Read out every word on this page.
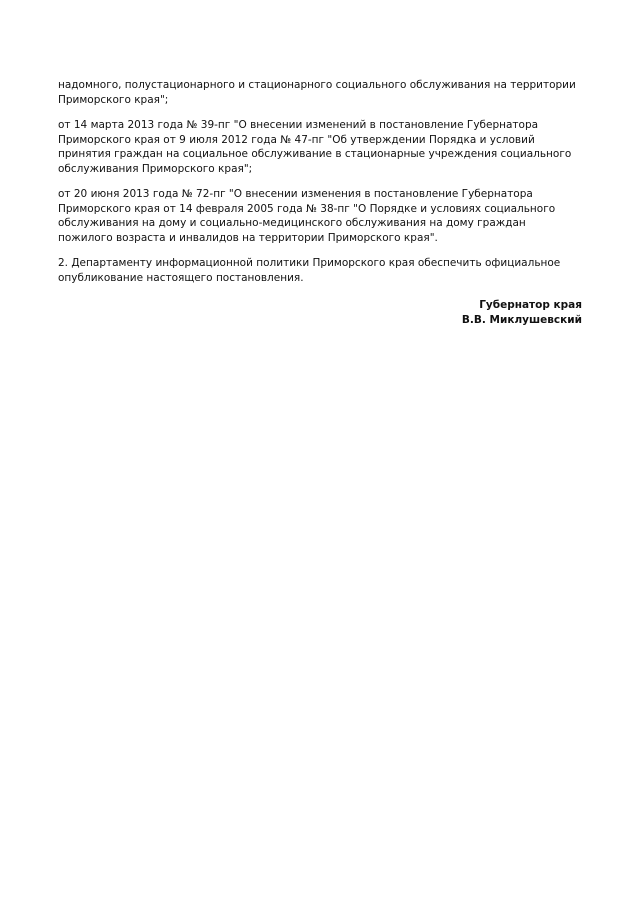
надомного, полустационарного и стационарного социального обслуживания на территории
Приморского края";

от 14 марта 2013 года № 39-пг "О внесении изменений в постановление Губернатора
Приморского края от 9 июля 2012 года № 47-пг "Об утверждении Порядка и условий
принятия граждан на социальное обслуживание в стационарные учреждения социального
обслуживания Приморского края";

от 20 июня 2013 года № 72-пг "О внесении изменения в постановление Губернатора
Приморского края от 14 февраля 2005 года № 38-пг "О Порядке и условиях социального
обслуживания на дому и социально-медицинского обслуживания на дому граждан
пожилого возраста и инвалидов на территории Приморского края".

2. Департаменту информационной политики Приморского края обеспечить официальное
опубликование настоящего постановления.

Губернатор края
В.В. Миклушевский
